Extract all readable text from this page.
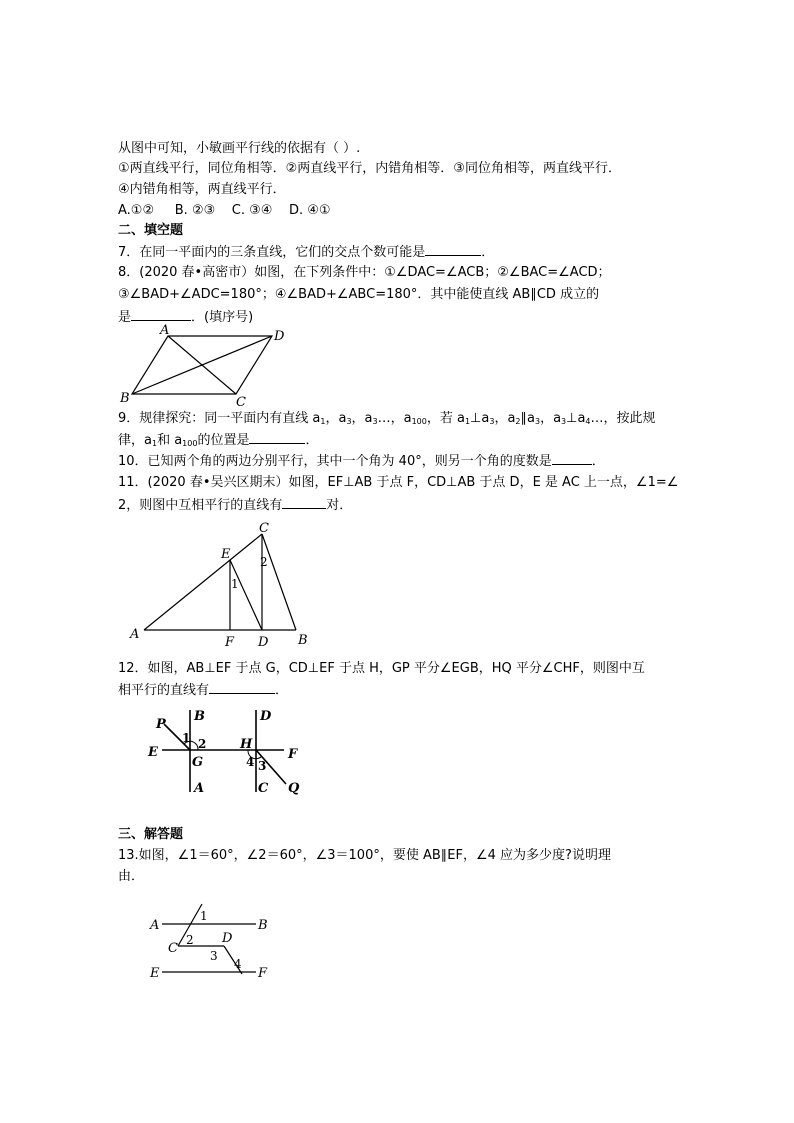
从图中可知，小敏画平行线的依据有（ ）.
①两直线平行，同位角相等．②两直线平行，内错角相等．③同位角相等，两直线平行．
④内错角相等，两直线平行．
A.①②     B. ②③    C. ③④    D. ④①
二、填空题
7．在同一平面内的三条直线，它们的交点个数可能是	．
8．(2020 春•高密市）如图，在下列条件中：①∠DAC=∠ACB；②∠BAC=∠ACD；
③∠BAD+∠ADC=180°；④∠BAD+∠ABC=180°．其中能使直线 AB∥CD 成立的
是	．(填序号)
A	D
B	C
9．规律探究：同一平面内有直线 $a_1$，$a_3$，$a_3\dots$，$a_{100}$，若 $a_1\perp a_3$，$a_2\parallel a_3$，$a_3\perp a_4\dots$，按此规
律，$a_1$和 $a_{100}$的位置是	．
10．已知两个角的两边分别平行，其中一个角为 40°，则另一个角的度数是	．
11．(2020 春•吴兴区期末）如图，EF⊥AB 于点 F，CD⊥AB 于点 D，E 是 AC 上一点，∠1=∠
2，则图中互相平行的直线有	对．
A	B
C
D
E
F
1
2
12．如图，AB⊥EF 于点 G，CD⊥EF 于点 H，GP 平分∠EGB，HQ 平分∠CHF，则图中互
相平行的直线有	．
P
B	D
E
G
H
F
A	C Q
1 2
4 3
三、解答题
13.如图，∠1＝60°，∠2＝60°，∠3＝100°，要使 AB∥EF，∠4 应为多少度?说明理
由．
A	B
C
D
E	F
1
2
3
4
